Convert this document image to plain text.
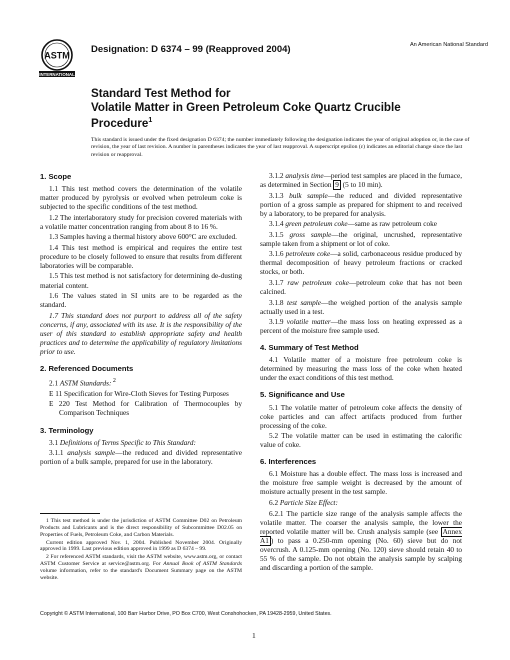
ASTM
INTERNATIONAL
Designation: D 6374 – 99 (Reapproved 2004)	An American National Standard
Standard Test Method for
Volatile Matter in Green Petroleum Coke Quartz Crucible
Procedure$^1$
This standard is issued under the fixed designation D 6374; the number immediately following the designation indicates the year of original adoption or, in the case of revision, the year of last revision. A number in parentheses indicates the year of last reapproval. A superscript epsilon (ε) indicates an editorial change since the last revision or reapproval.
1. Scope

1.1 This test method covers the determination of the volatile matter produced by pyrolysis or evolved when petroleum coke is subjected to the specific conditions of the test method.

1.2 The interlaboratory study for precision covered materials with a volatile matter concentration ranging from about 8 to 16 %.

1.3 Samples having a thermal history above 600°C are excluded.

1.4 This test method is empirical and requires the entire test procedure to be closely followed to ensure that results from different laboratories will be comparable.

1.5 This test method is not satisfactory for determining de-dusting material content.

1.6 The values stated in SI units are to be regarded as the standard.

1.7 This standard does not purport to address all of the safety concerns, if any, associated with its use. It is the responsibility of the user of this standard to establish appropriate safety and health practices and to determine the applicability of regulatory limitations prior to use.

2. Referenced Documents

2.1 ASTM Standards: $^2$

E 11 Specification for Wire-Cloth Sieves for Testing Purposes

E 220 Test Method for Calibration of Thermocouples by Comparison Techniques

3. Terminology

3.1 Definitions of Terms Specific to This Standard:

3.1.1 analysis sample—the reduced and divided representative portion of a bulk sample, prepared for use in the laboratory.

1 This test method is under the jurisdiction of ASTM Committee D02 on Petroleum Products and Lubricants and is the direct responsibility of Subcommittee D02.05 on Properties of Fuels, Petroleum Coke, and Carbon Materials.

Current edition approved Nov. 1, 2004. Published November 2004. Originally approved in 1999. Last previous edition approved in 1999 as D 6374 – 99.

2 For referenced ASTM standards, visit the ASTM website, www.astm.org, or contact ASTM Customer Service at service@astm.org. For Annual Book of ASTM Standards volume information, refer to the standard's Document Summary page on the ASTM website.

3.1.2 analysis time—period test samples are placed in the furnace, as determined in Section 9 (5 to 10 min).

3.1.3 bulk sample—the reduced and divided representative portion of a gross sample as prepared for shipment to and received by a laboratory, to be prepared for analysis.

3.1.4 green petroleum coke—same as raw petroleum coke

3.1.5 gross sample—the original, uncrushed, representative sample taken from a shipment or lot of coke.

3.1.6 petroleum coke—a solid, carbonaceous residue produced by thermal decomposition of heavy petroleum fractions or cracked stocks, or both.

3.1.7 raw petroleum coke—petroleum coke that has not been calcined.

3.1.8 test sample—the weighed portion of the analysis sample actually used in a test.

3.1.9 volatile matter—the mass loss on heating expressed as a percent of the moisture free sample used.

4. Summary of Test Method

4.1 Volatile matter of a moisture free petroleum coke is determined by measuring the mass loss of the coke when heated under the exact conditions of this test method.

5. Significance and Use

5.1 The volatile matter of petroleum coke affects the density of coke particles and can affect artifacts produced from further processing of the coke.

5.2 The volatile matter can be used in estimating the calorific value of coke.

6. Interferences

6.1 Moisture has a double effect. The mass loss is increased and the moisture free sample weight is decreased by the amount of moisture actually present in the test sample.

6.2 Particle Size Effect:

6.2.1 The particle size range of the analysis sample affects the volatile matter. The coarser the analysis sample, the lower the reported volatile matter will be. Crush analysis sample (see Annex A1 ) to pass a 0.250-mm opening (No. 60) sieve but do not overcrush. A 0.125-mm opening (No. 120) sieve should retain 40 to 55 % of the sample. Do not obtain the analysis sample by scalping and discarding a portion of the sample.

Copyright © ASTM International, 100 Barr Harbor Drive, PO Box C700, West Conshohocken, PA 19428-2959, United States.
1
